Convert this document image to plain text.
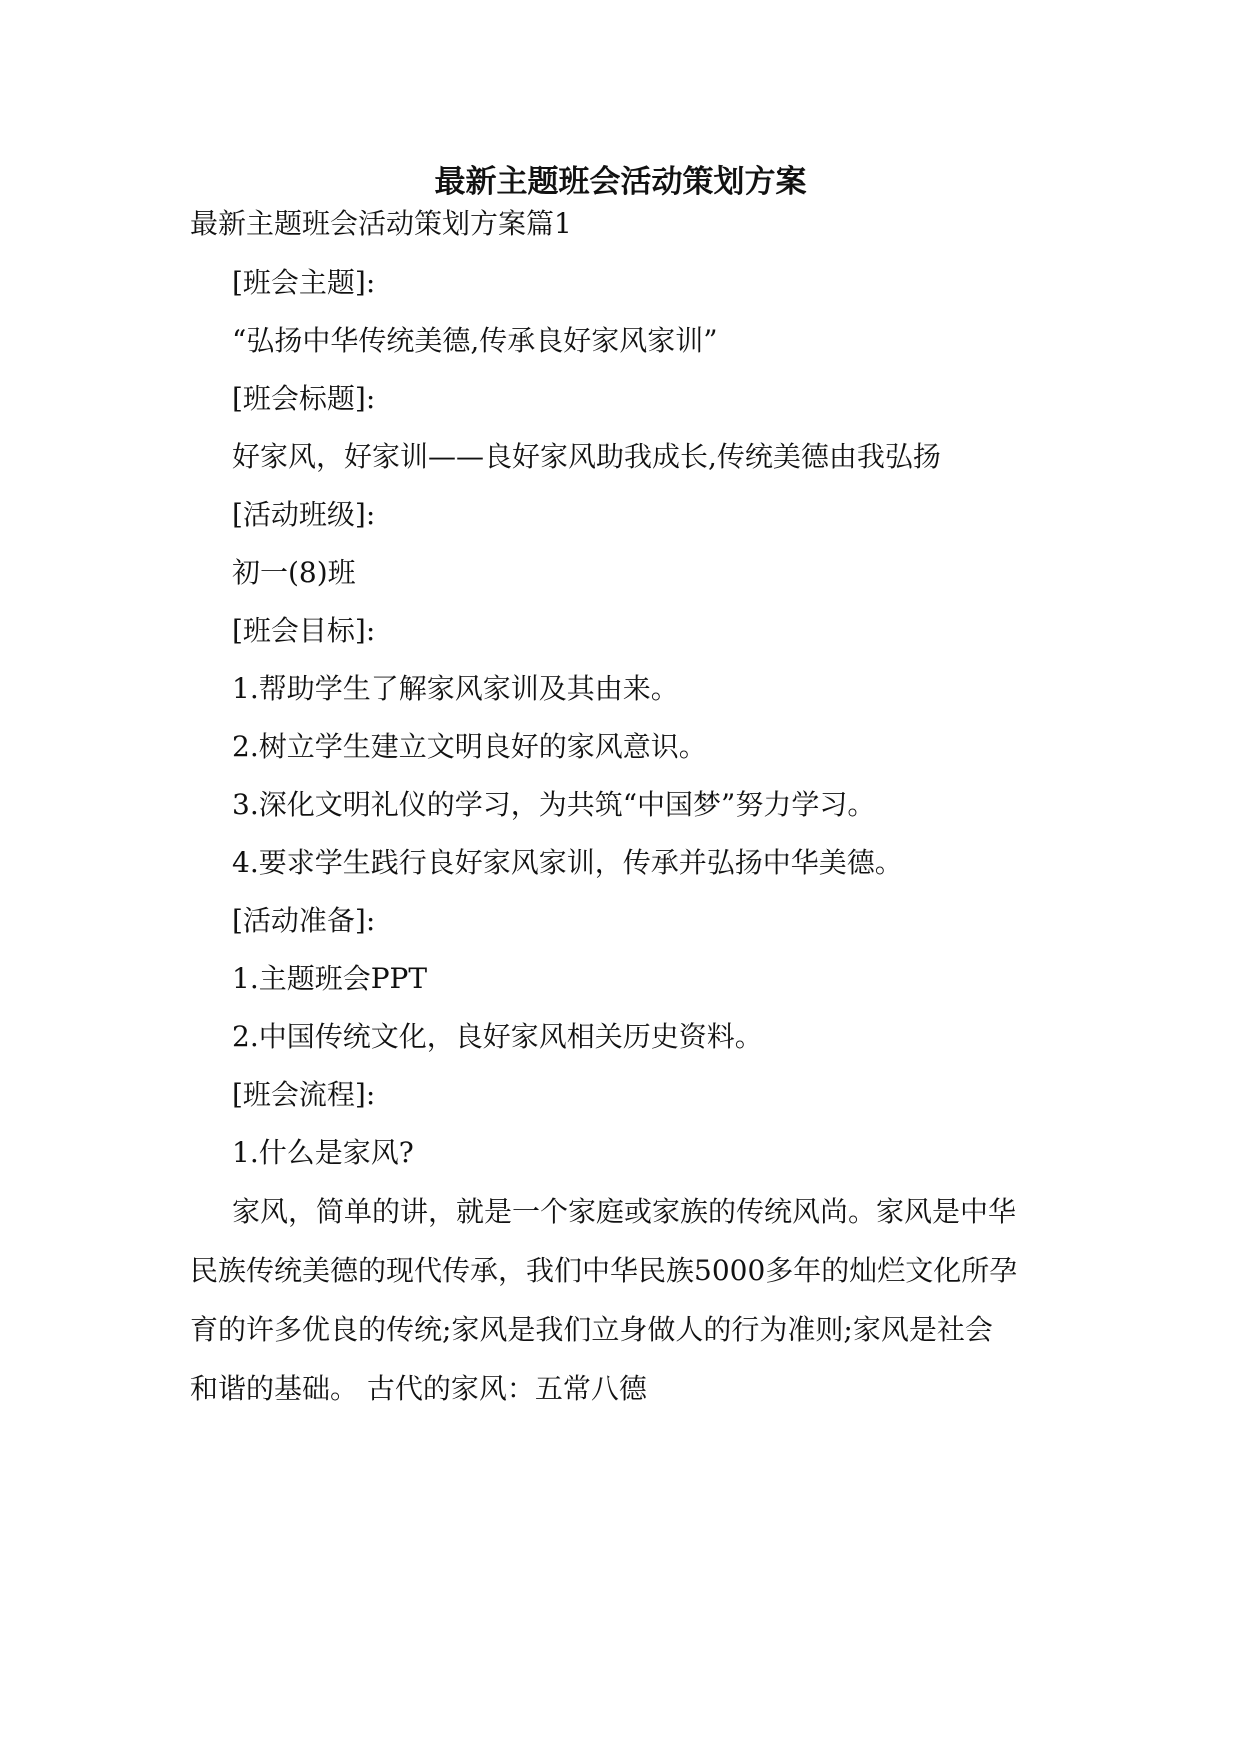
最新主题班会活动策划方案
最新主题班会活动策划方案篇1
[班会主题]:
“弘扬中华传统美德,传承良好家风家训”
[班会标题]:
好家风，好家训——良好家风助我成长,传统美德由我弘扬
[活动班级]:
初一(8)班
[班会目标]:
1.帮助学生了解家风家训及其由来。
2.树立学生建立文明良好的家风意识。
3.深化文明礼仪的学习，为共筑“中国梦”努力学习。
4.要求学生践行良好家风家训，传承并弘扬中华美德。
[活动准备]:
1.主题班会PPT
2.中国传统文化，良好家风相关历史资料。
[班会流程]:
1.什么是家风?
家风，简单的讲，就是一个家庭或家族的传统风尚。家风是中华
民族传统美德的现代传承，我们中华民族5000多年的灿烂文化所孕
育的许多优良的传统;家风是我们立身做人的行为准则;家风是社会
和谐的基础。 古代的家风：五常八德
